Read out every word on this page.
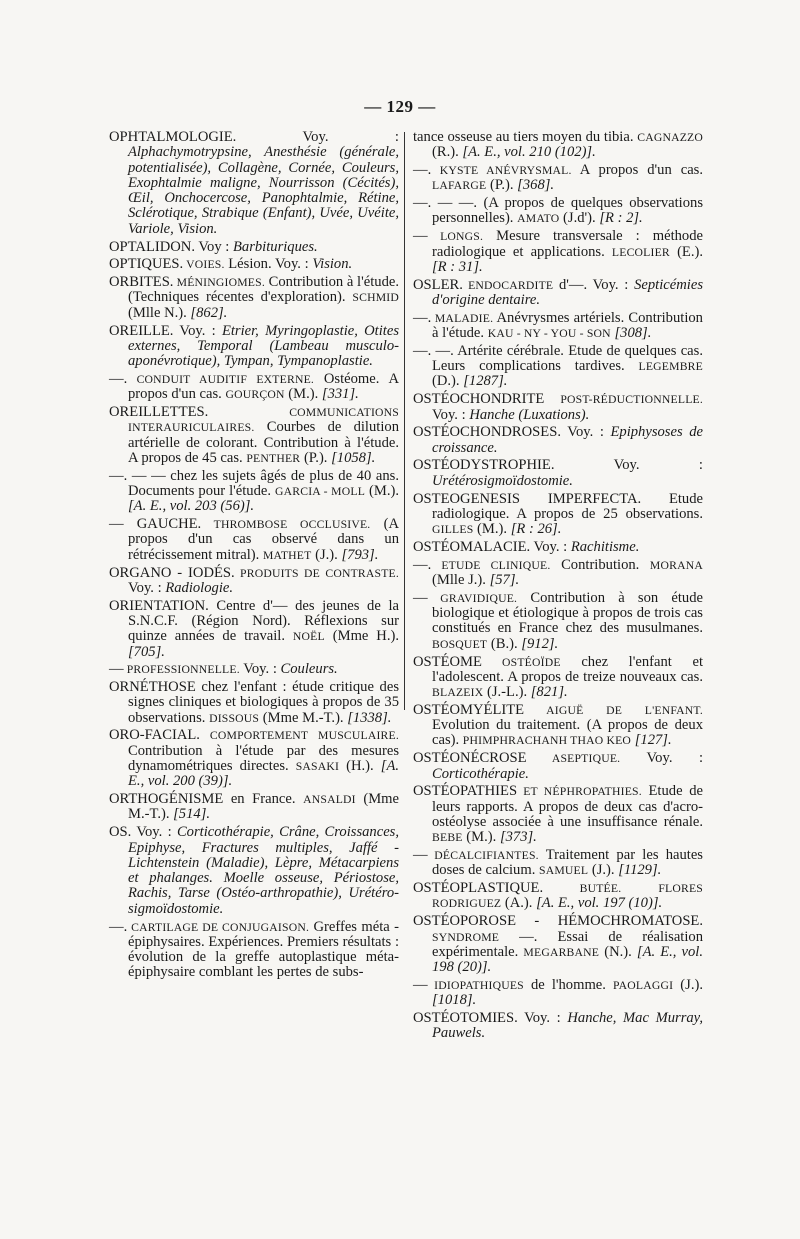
— 129 —

OPHTALMOLOGIE. Voy. : Alphachymotrypsine, Anesthésie (générale, potentialisée), Collagène, Cornée, Couleurs, Exophtalmie maligne, Nourrisson (Cécités), Œil, Onchocercose, Panophtalmie, Rétine, Sclérotique, Strabique (Enfant), Uvée, Uvéite, Variole, Vision.

OPTALIDON. Voy : Barbituriques.

OPTIQUES. VOIES. Lésion. Voy. : Vision.

ORBITES. MÉNINGIOMES. Contribution à l'étude. (Techniques récentes d'exploration). SCHMID (Mlle N.). [862].

OREILLE. Voy. : Etrier, Myringoplastie, Otites externes, Temporal (Lambeau musculo-aponévrotique), Tympan, Tympanoplastie.

—. CONDUIT AUDITIF EXTERNE. Ostéome. A propos d'un cas. GOURÇON (M.). [331].

OREILLETTES. COMMUNICATIONS INTERAURICULAIRES. Courbes de dilution artérielle de colorant. Contribution à l'étude. A propos de 45 cas. PENTHER (P.). [1058].

—. — — chez les sujets âgés de plus de 40 ans. Documents pour l'étude. GARCIA - MOLL (M.). [A. E., vol. 203 (56)].

— GAUCHE. THROMBOSE OCCLUSIVE. (A propos d'un cas observé dans un rétrécissement mitral). MATHET (J.). [793].

ORGANO - IODÉS. PRODUITS DE CONTRASTE. Voy. : Radiologie.

ORIENTATION. Centre d'— des jeunes de la S.N.C.F. (Région Nord). Réflexions sur quinze années de travail. NOËL (Mme H.). [705].

— PROFESSIONNELLE. Voy. : Couleurs.

ORNÉTHOSE chez l'enfant : étude critique des signes cliniques et biologiques à propos de 35 observations. DISSOUS (Mme M.-T.). [1338].

ORO-FACIAL. COMPORTEMENT MUSCULAIRE. Contribution à l'étude par des mesures dynamométriques directes. SASAKI (H.). [A. E., vol. 200 (39)].

ORTHOGÉNISME en France. ANSALDI (Mme M.-T.). [514].

OS. Voy. : Corticothérapie, Crâne, Croissances, Epiphyse, Fractures multiples, Jaffé - Lichtenstein (Maladie), Lèpre, Métacarpiens et phalanges. Moelle osseuse, Périostose, Rachis, Tarse (Ostéo-arthropathie), Urétéro-sigmoïdostomie.

—. CARTILAGE DE CONJUGAISON. Greffes méta - épiphysaires. Expériences. Premiers résultats : évolution de la greffe autoplastique méta-épiphysaire comblant les pertes de subs-

tance osseuse au tiers moyen du tibia. CAGNAZZO (R.). [A. E., vol. 210 (102)].

—. KYSTE ANÉVRYSMAL. A propos d'un cas. LAFARGE (P.). [368].

—. — —. (A propos de quelques observations personnelles). AMATO (J.d'). [R : 2].

— LONGS. Mesure transversale : méthode radiologique et applications. LECOLIER (E.). [R : 31].

OSLER. ENDOCARDITE d'—. Voy. : Septicémies d'origine dentaire.

—. MALADIE. Anévrysmes artériels. Contribution à l'étude. KAU - NY - YOU - SON [308].

—. —. Artérite cérébrale. Etude de quelques cas. Leurs complications tardives. LEGEMBRE (D.). [1287].

OSTÉOCHONDRITE POST-RÉDUCTIONNELLE. Voy. : Hanche (Luxations).

OSTÉOCHONDROSES. Voy. : Epiphysoses de croissance.

OSTÉODYSTROPHIE. Voy. : Urétérosigmoïdostomie.

OSTEOGENESIS IMPERFECTA. Etude radiologique. A propos de 25 observations. GILLES (M.). [R : 26].

OSTÉOMALACIE. Voy. : Rachitisme.

—. ETUDE CLINIQUE. Contribution. MORANA (Mlle J.). [57].

— GRAVIDIQUE. Contribution à son étude biologique et étiologique à propos de trois cas constitués en France chez des musulmanes. BOSQUET (B.). [912].

OSTÉOME OSTÉOÏDE chez l'enfant et l'adolescent. A propos de treize nouveaux cas. BLAZEIX (J.-L.). [821].

OSTÉOMYÉLITE AIGUË DE L'ENFANT. Evolution du traitement. (A propos de deux cas). PHIMPHRACHANH THAO KEO [127].

OSTÉONÉCROSE ASEPTIQUE. Voy. : Corticothérapie.

OSTÉOPATHIES ET NÉPHROPATHIES. Etude de leurs rapports. A propos de deux cas d'acro-ostéolyse associée à une insuffisance rénale. BEBE (M.). [373].

— DÉCALCIFIANTES. Traitement par les hautes doses de calcium. SAMUEL (J.). [1129].

OSTÉOPLASTIQUE. BUTÉE.	FLORES RODRIGUEZ (A.). [A. E., vol. 197 (10)].

OSTÉOPOROSE - HÉMOCHROMATOSE. SYNDROME —. Essai de réalisation expérimentale. MEGARBANE (N.). [A. E., vol. 198 (20)].

— IDIOPATHIQUES de l'homme. PAOLAGGI (J.). [1018].

OSTÉOTOMIES. Voy. : Hanche, Mac Murray, Pauwels.
